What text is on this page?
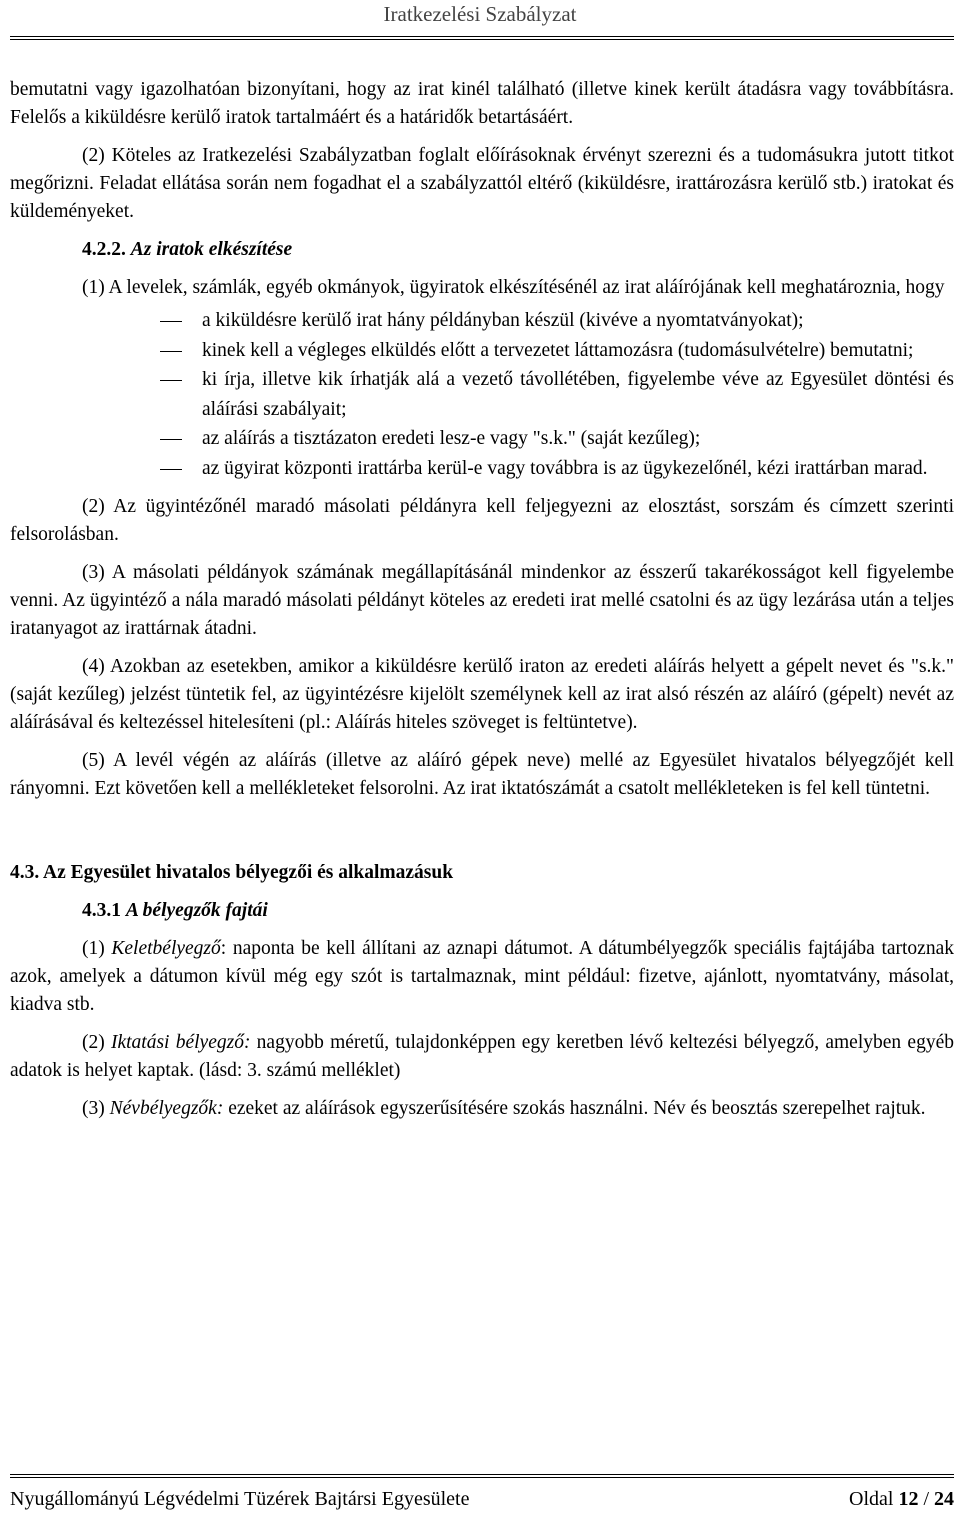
Iratkezelési Szabályzat

bemutatni vagy igazolhatóan bizonyítani, hogy az irat kinél található (illetve kinek került átadásra vagy továbbításra. Felelős a kiküldésre kerülő iratok tartalmáért és a határidők betartásáért.

(2) Köteles az Iratkezelési Szabályzatban foglalt előírásoknak érvényt szerezni és a tudomásukra jutott titkot megőrizni. Feladat ellátása során nem fogadhat el a szabályzattól eltérő (kiküldésre, irattározásra kerülő stb.) iratokat és küldeményeket.

4.2.2. Az iratok elkészítése

(1) A levelek, számlák, egyéb okmányok, ügyiratok elkészítésénél az irat aláírójának kell meghatároznia, hogy

a kiküldésre kerülő irat hány példányban készül (kivéve a nyomtatványokat);
kinek kell a végleges elküldés előtt a tervezetet láttamozásra (tudomásulvételre) bemutatni;
ki írja, illetve kik írhatják alá a vezető távollétében, figyelembe véve az Egyesület döntési és aláírási szabályait;
az aláírás a tisztázaton eredeti lesz-e vagy "s.k." (saját kezűleg);
az ügyirat központi irattárba kerül-e vagy továbbra is az ügykezelőnél, kézi irattárban marad.

(2) Az ügyintézőnél maradó másolati példányra kell feljegyezni az elosztást, sorszám és címzett szerinti felsorolásban.

(3) A másolati példányok számának megállapításánál mindenkor az ésszerű takarékosságot kell figyelembe venni. Az ügyintéző a nála maradó másolati példányt köteles az eredeti irat mellé csatolni és az ügy lezárása után a teljes iratanyagot az irattárnak átadni.

(4) Azokban az esetekben, amikor a kiküldésre kerülő iraton az eredeti aláírás helyett a gépelt nevet és "s.k." (saját kezűleg) jelzést tüntetik fel, az ügyintézésre kijelölt személynek kell az irat alsó részén az aláíró (gépelt) nevét az aláírásával és keltezéssel hitelesíteni (pl.: Aláírás hiteles szöveget is feltüntetve).

(5) A levél végén az aláírás (illetve az aláíró gépek neve) mellé az Egyesület hivatalos bélyegzőjét kell rányomni. Ezt követően kell a mellékleteket felsorolni. Az irat iktatószámát a csatolt mellékleteken is fel kell tüntetni.

4.3. Az Egyesület hivatalos bélyegzői és alkalmazásuk
4.3.1 A bélyegzők fajtái

(1) Keletbélyegző: naponta be kell állítani az aznapi dátumot. A dátumbélyegzők speciális fajtájába tartoznak azok, amelyek a dátumon kívül még egy szót is tartalmaznak, mint például: fizetve, ajánlott, nyomtatvány, másolat, kiadva stb.

(2) Iktatási bélyegző: nagyobb méretű, tulajdonképpen egy keretben lévő keltezési bélyegző, amelyben egyéb adatok is helyet kaptak. (lásd: 3. számú melléklet)

(3) Névbélyegzők: ezeket az aláírások egyszerűsítésére szokás használni. Név és beosztás szerepelhet rajtuk.

Nyugállományú Légvédelmi Tüzérek Bajtársi Egyesülete	Oldal 12 / 24
